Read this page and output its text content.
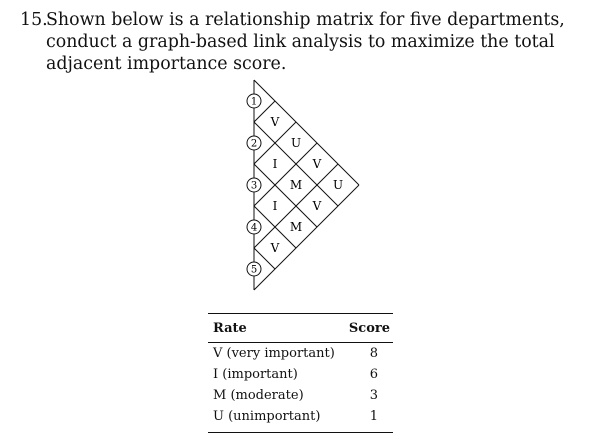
15.
Shown below is a relationship matrix for five departments, conduct a graph-based link analysis to maximize the total adjacent importance score.
1
2
3
4
5
V
U
V
U
I
M
V
I
M
V
Rate	Score
V (very important)	8
I (important)	6
M (moderate)	3
U (unimportant)	1
